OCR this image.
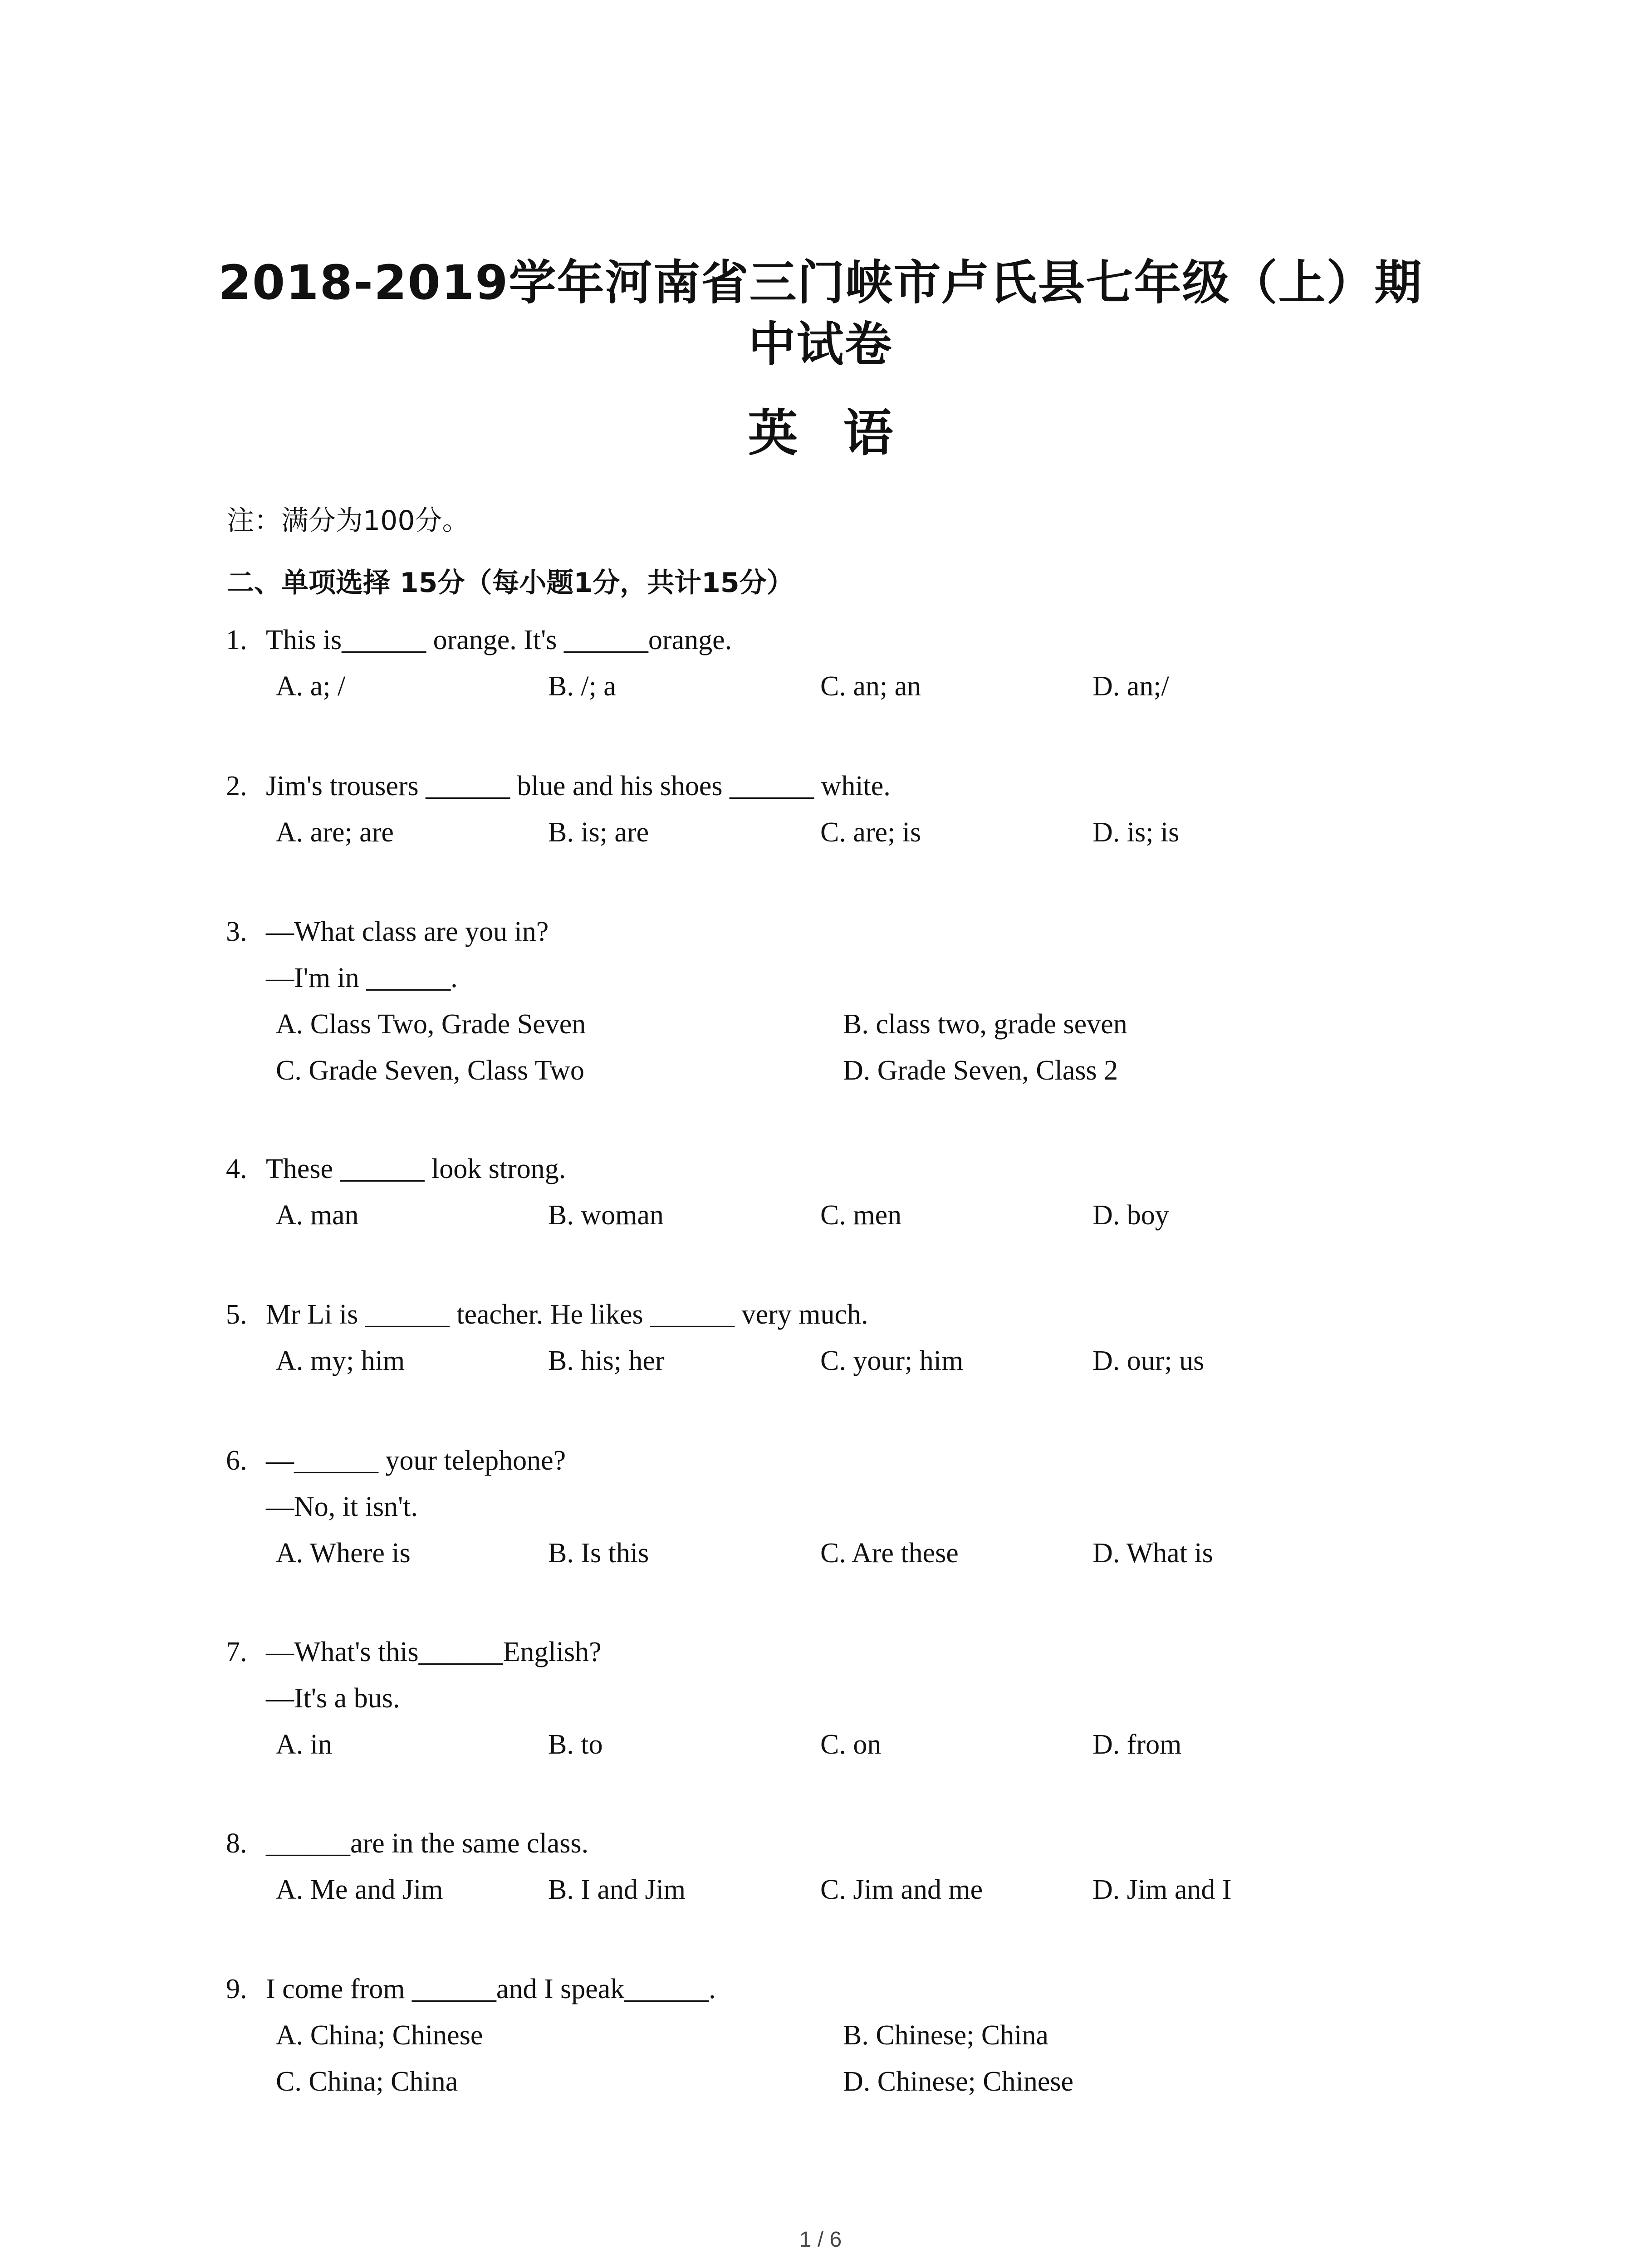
2018-2019学年河南省三门峡市卢氏县七年级（上）期
中试卷
英语
注：满分为100分。
二、单项选择 15分（每小题1分，共计15分）
1. This is______ orange. It's ______orange.
A. a; /	B. /; a	C. an; an	D. an;/
2. Jim's trousers ______ blue and his shoes ______ white.
A. are; are	B. is; are	C. are; is	D. is; is
3. —What class are you in?
—I'm in ______.
A. Class Two, Grade Seven	B. class two, grade seven
C. Grade Seven, Class Two	D. Grade Seven, Class 2
4. These ______ look strong.
A. man	B. woman	C. men	D. boy
5. Mr Li is ______ teacher. He likes ______ very much.
A. my; him	B. his; her	C. your; him	D. our; us
6. —______ your telephone?
—No, it isn't.
A. Where is	B. Is this	C. Are these	D. What is
7. —What's this______English?
—It's a bus.
A. in	B. to	C. on	D. from
8. ______are in the same class.
A. Me and Jim	B. I and Jim	C. Jim and me	D. Jim and I
9. I come from ______and I speak______.
A. China; Chinese	B. Chinese; China
C. China; China	D. Chinese; Chinese
1 / 6
